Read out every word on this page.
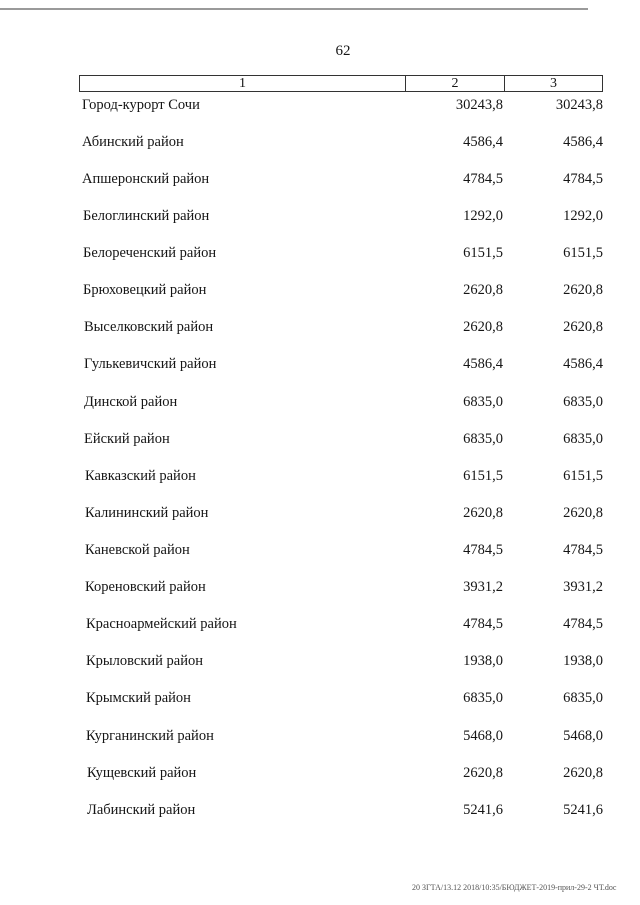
62
1	2	3
Город-курорт Сочи	30243,8	30243,8
Абинский район	4586,4	4586,4
Апшеронский район	4784,5	4784,5
Белоглинский район	1292,0	1292,0
Белореченский район	6151,5	6151,5
Брюховецкий район	2620,8	2620,8
Выселковский район	2620,8	2620,8
Гулькевичский район	4586,4	4586,4
Динской район	6835,0	6835,0
Ейский район	6835,0	6835,0
Кавказский район	6151,5	6151,5
Калининский район	2620,8	2620,8
Каневской район	4784,5	4784,5
Кореновский район	3931,2	3931,2
Красноармейский район	4784,5	4784,5
Крыловский район	1938,0	1938,0
Крымский район	6835,0	6835,0
Курганинский район	5468,0	5468,0
Кущевский район	2620,8	2620,8
Лабинский район	5241,6	5241,6
20 ЗГТА/13.12 2018/10:35/БЮДЖЕТ-2019-прил-29-2 ЧТ.doc
